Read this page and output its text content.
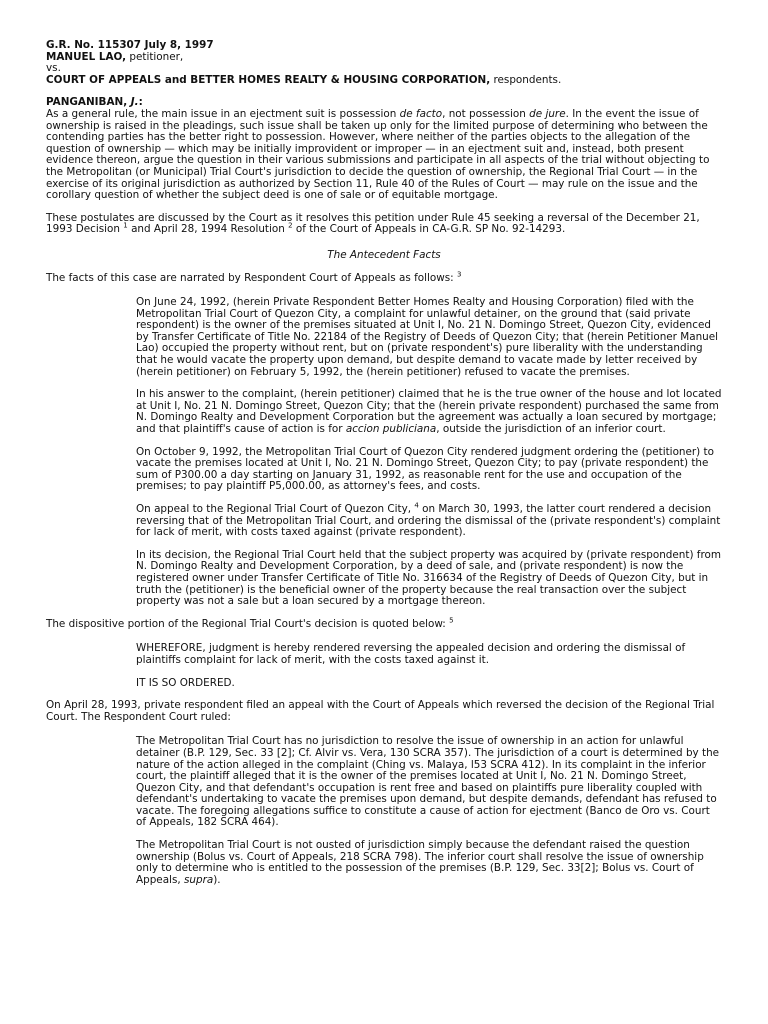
G.R. No. 115307 July 8, 1997

MANUEL LAO, petitioner,

vs.

COURT OF APPEALS and BETTER HOMES REALTY & HOUSING CORPORATION, respondents.

PANGANIBAN, J.:

As a general rule, the main issue in an ejectment suit is possession de facto, not possession de jure. In the event the issue of ownership is raised in the pleadings, such issue shall be taken up only for the limited purpose of determining who between the contending parties has the better right to possession. However, where neither of the parties objects to the allegation of the question of ownership — which may be initially improvident or improper — in an ejectment suit and, instead, both present evidence thereon, argue the question in their various submissions and participate in all aspects of the trial without objecting to the Metropolitan (or Municipal) Trial Court's jurisdiction to decide the question of ownership, the Regional Trial Court — in the exercise of its original jurisdiction as authorized by Section 11, Rule 40 of the Rules of Court — may rule on the issue and the corollary question of whether the subject deed is one of sale or of equitable mortgage.

These postulates are discussed by the Court as it resolves this petition under Rule 45 seeking a reversal of the December 21, 1993 Decision $^1$ and April 28, 1994 Resolution $^2$ of the Court of Appeals in CA-G.R. SP No. 92-14293.

The Antecedent Facts

The facts of this case are narrated by Respondent Court of Appeals as follows: $^3$

On June 24, 1992, (herein Private Respondent Better Homes Realty and Housing Corporation) filed with the Metropolitan Trial Court of Quezon City, a complaint for unlawful detainer, on the ground that (said private respondent) is the owner of the premises situated at Unit I, No. 21 N. Domingo Street, Quezon City, evidenced by Transfer Certificate of Title No. 22184 of the Registry of Deeds of Quezon City; that (herein Petitioner Manuel Lao) occupied the property without rent, but on (private respondent's) pure liberality with the understanding that he would vacate the property upon demand, but despite demand to vacate made by letter received by (herein petitioner) on February 5, 1992, the (herein petitioner) refused to vacate the premises.

In his answer to the complaint, (herein petitioner) claimed that he is the true owner of the house and lot located at Unit I, No. 21 N. Domingo Street, Quezon City; that the (herein private respondent) purchased the same from N. Domingo Realty and Development Corporation but the agreement was actually a loan secured by mortgage; and that plaintiff's cause of action is for accion publiciana, outside the jurisdiction of an inferior court.

On October 9, 1992, the Metropolitan Trial Court of Quezon City rendered judgment ordering the (petitioner) to vacate the premises located at Unit I, No. 21 N. Domingo Street, Quezon City; to pay (private respondent) the sum of P300.00 a day starting on January 31, 1992, as reasonable rent for the use and occupation of the premises; to pay plaintiff P5,000.00, as attorney's fees, and costs.

On appeal to the Regional Trial Court of Quezon City, $^4$ on March 30, 1993, the latter court rendered a decision reversing that of the Metropolitan Trial Court, and ordering the dismissal of the (private respondent's) complaint for lack of merit, with costs taxed against (private respondent).

In its decision, the Regional Trial Court held that the subject property was acquired by (private respondent) from N. Domingo Realty and Development Corporation, by a deed of sale, and (private respondent) is now the registered owner under Transfer Certificate of Title No. 316634 of the Registry of Deeds of Quezon City, but in truth the (petitioner) is the beneficial owner of the property because the real transaction over the subject property was not a sale but a loan secured by a mortgage thereon.

The dispositive portion of the Regional Trial Court's decision is quoted below: $^5$

WHEREFORE, judgment is hereby rendered reversing the appealed decision and ordering the dismissal of plaintiffs complaint for lack of merit, with the costs taxed against it.

IT IS SO ORDERED.

On April 28, 1993, private respondent filed an appeal with the Court of Appeals which reversed the decision of the Regional Trial Court. The Respondent Court ruled:

The Metropolitan Trial Court has no jurisdiction to resolve the issue of ownership in an action for unlawful detainer (B.P. 129, Sec. 33 [2]; Cf. Alvir vs. Vera, 130 SCRA 357). The jurisdiction of a court is determined by the nature of the action alleged in the complaint (Ching vs. Malaya, l53 SCRA 412). In its complaint in the inferior court, the plaintiff alleged that it is the owner of the premises located at Unit I, No. 21 N. Domingo Street, Quezon City, and that defendant's occupation is rent free and based on plaintiffs pure liberality coupled with defendant's undertaking to vacate the premises upon demand, but despite demands, defendant has refused to vacate. The foregoing allegations suffice to constitute a cause of action for ejectment (Banco de Oro vs. Court of Appeals, 182 SCRA 464).

The Metropolitan Trial Court is not ousted of jurisdiction simply because the defendant raised the question ownership (Bolus vs. Court of Appeals, 218 SCRA 798). The inferior court shall resolve the issue of ownership only to determine who is entitled to the possession of the premises (B.P. 129, Sec. 33[2]; Bolus vs. Court of Appeals, supra).
